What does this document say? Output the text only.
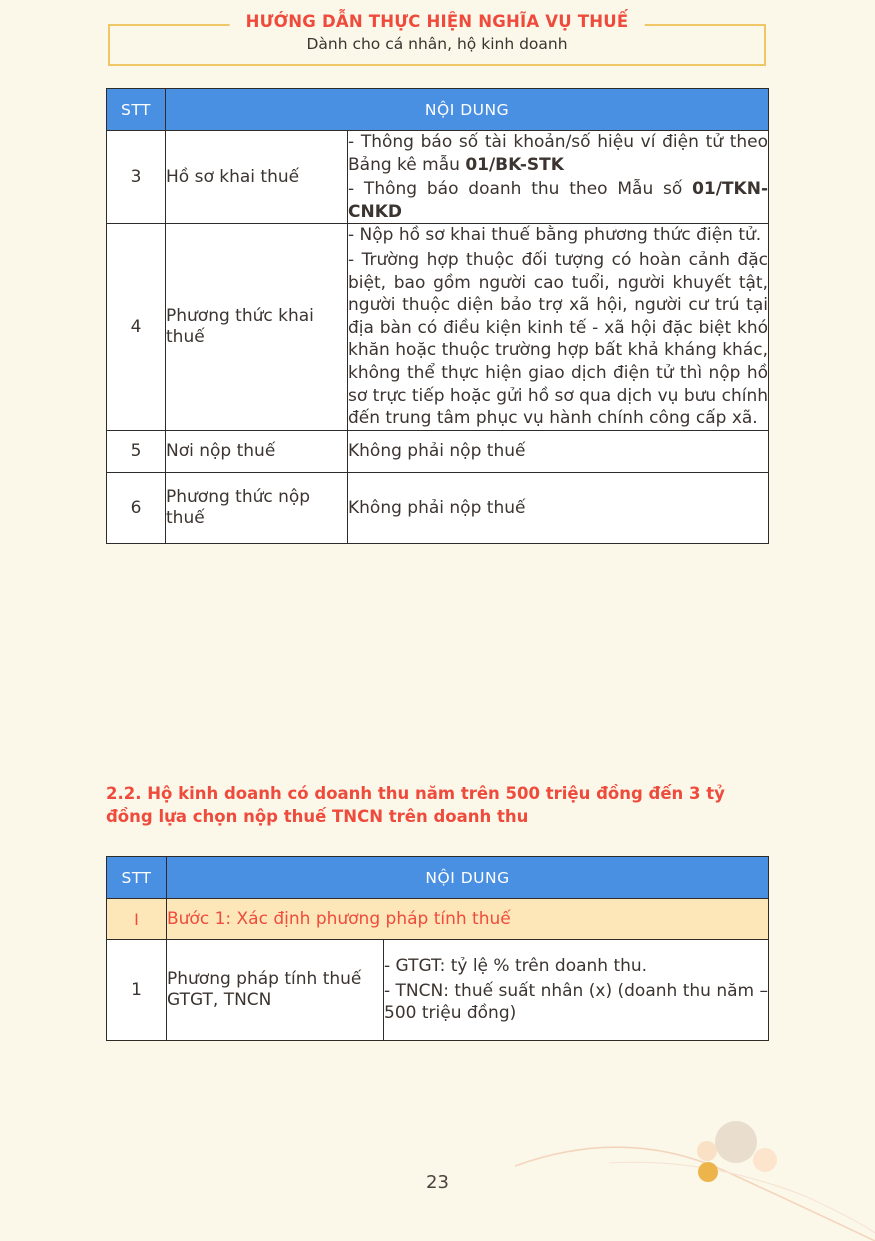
HƯỚNG DẪN THỰC HIỆN NGHĨA VỤ THUẾ
Dành cho cá nhân, hộ kinh doanh
STT	NỘI DUNG	
3	Hồ sơ khai thuế	- Thông báo số tài khoản/số hiệu ví điện tử theo Bảng kê mẫu 01/BK-STK

- Thông báo doanh thu theo Mẫu số 01/TKN-CNKD

4	Phương thức khai thuế	- Nộp hồ sơ khai thuế bằng phương thức điện tử.

- Trường hợp thuộc đối tượng có hoàn cảnh đặc biệt, bao gồm người cao tuổi, người khuyết tật, người thuộc diện bảo trợ xã hội, người cư trú tại địa bàn có điều kiện kinh tế - xã hội đặc biệt khó khăn hoặc thuộc trường hợp bất khả kháng khác, không thể thực hiện giao dịch điện tử thì nộp hồ sơ trực tiếp hoặc gửi hồ sơ qua dịch vụ bưu chính đến trung tâm phục vụ hành chính công cấp xã.

5	Nơi nộp thuế	Không phải nộp thuế

6	Phương thức nộp thuế	Không phải nộp thuế

2.2. Hộ kinh doanh có doanh thu năm trên 500 triệu đồng đến 3 tỷ đồng lựa chọn nộp thuế TNCN trên doanh thu
STT	NỘI DUNG	
I	Bước 1: Xác định phương pháp tính thuế	
1	Phương pháp tính thuế GTGT, TNCN	- GTGT: tỷ lệ % trên doanh thu.

- TNCN: thuế suất nhân (x) (doanh thu năm – 500 triệu đồng)

23
